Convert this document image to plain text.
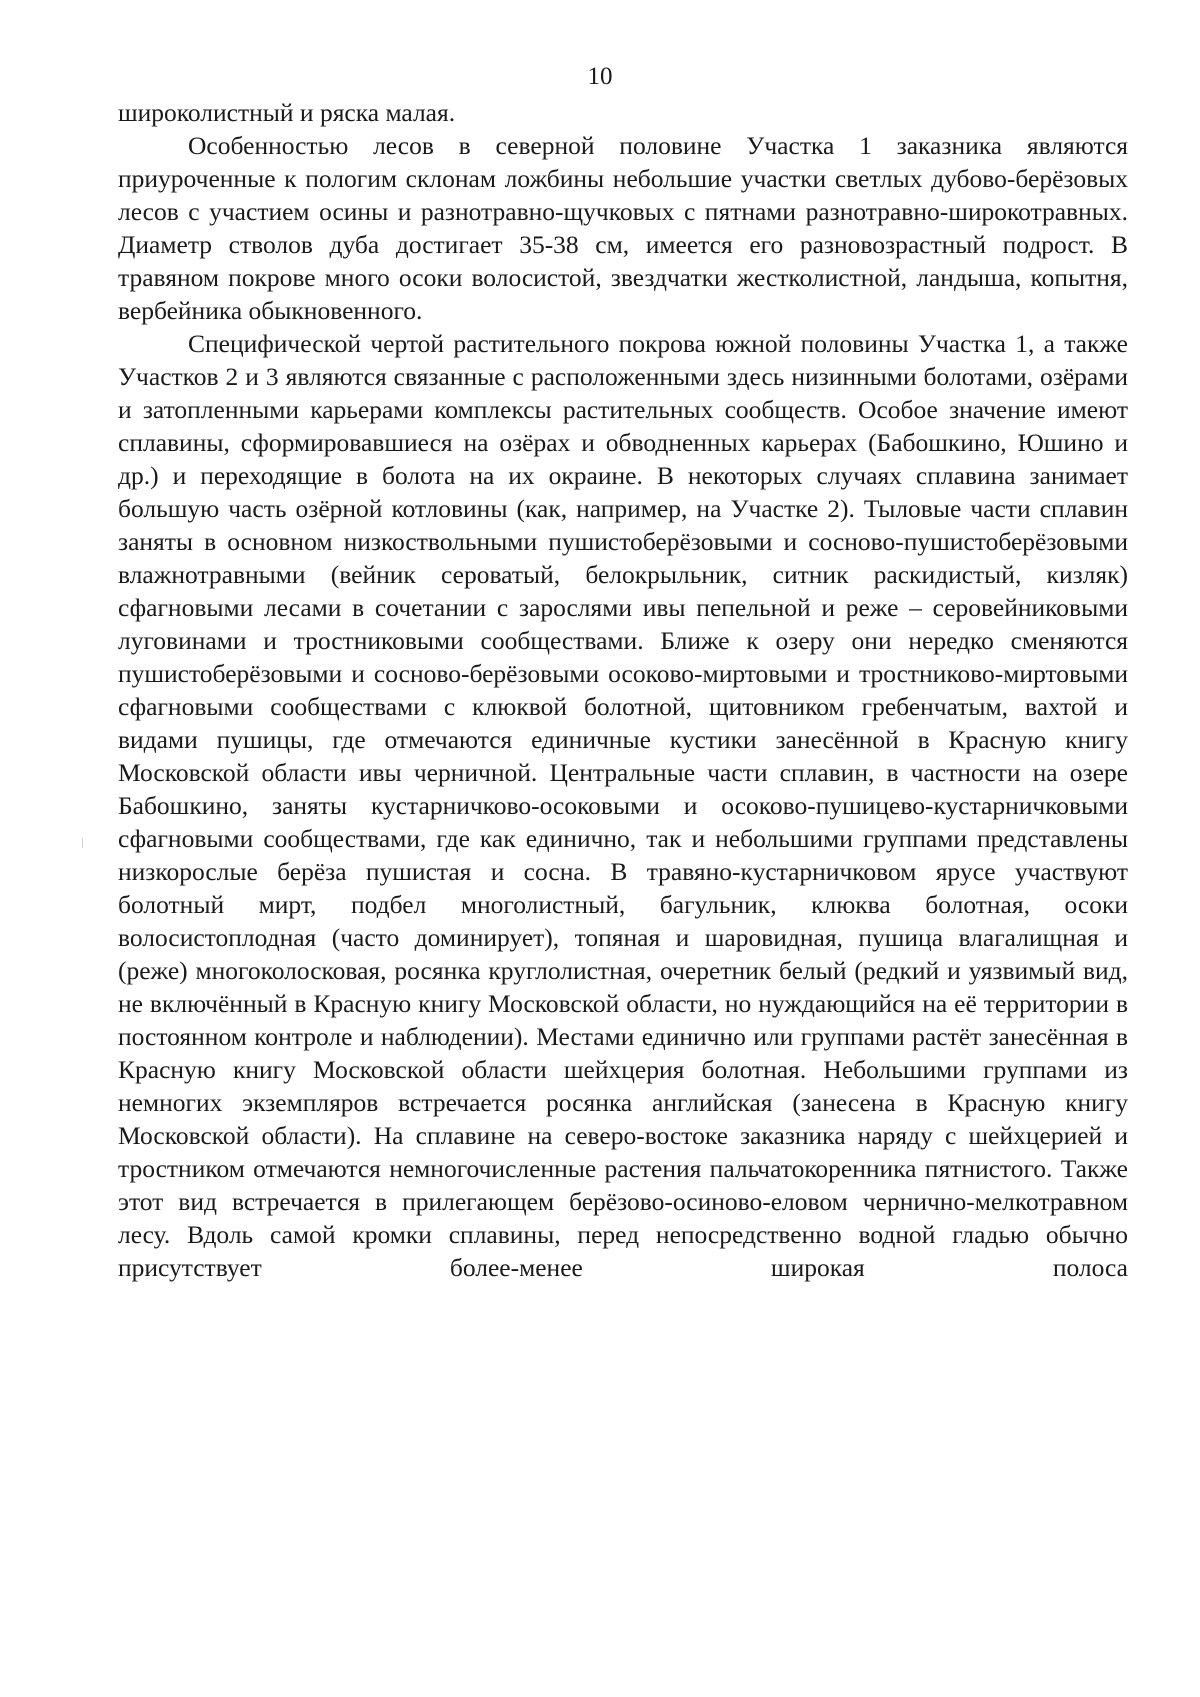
10

широколистный и ряска малая.

Особенностью лесов в северной половине Участка 1 заказника являются приуроченные к пологим склонам ложбины небольшие участки светлых дубово-берёзовых лесов с участием осины и разнотравно-щучковых с пятнами разнотравно-широкотравных. Диаметр стволов дуба достигает 35-38 см, имеется его разновозрастный подрост. В травяном покрове много осоки волосистой, звездчатки жестколистной, ландыша, копытня, вербейника обыкновенного.

Специфической чертой растительного покрова южной половины Участка 1, а также Участков 2 и 3 являются связанные с расположенными здесь низинными болотами, озёрами и затопленными карьерами комплексы растительных сообществ. Особое значение имеют сплавины, сформировавшиеся на озёрах и обводненных карьерах (Бабошкино, Юшино и др.) и переходящие в болота на их окраине. В некоторых случаях сплавина занимает большую часть озёрной котловины (как, например, на Участке 2). Тыловые части сплавин заняты в основном низкоствольными пушистоберёзовыми и сосново-пушистоберёзовыми влажнотравными (вейник сероватый, белокрыльник, ситник раскидистый, кизляк) сфагновыми лесами в сочетании с зарослями ивы пепельной и реже – серовейниковыми луговинами и тростниковыми сообществами. Ближе к озеру они нередко сменяются пушистоберёзовыми и сосново-берёзовыми осоково-миртовыми и тростниково-миртовыми сфагновыми сообществами с клюквой болотной, щитовником гребенчатым, вахтой и видами пушицы, где отмечаются единичные кустики занесённой в Красную книгу Московской области ивы черничной. Центральные части сплавин, в частности на озере Бабошкино, заняты кустарничково-осоковыми и осоково-пушицево-кустарничковыми сфагновыми сообществами, где как единично, так и небольшими группами представлены низкорослые берёза пушистая и сосна. В травяно-кустарничковом ярусе участвуют болотный мирт, подбел многолистный, багульник, клюква болотная, осоки волосистоплодная (часто доминирует), топяная и шаровидная, пушица влагалищная и (реже) многоколосковая, росянка круглолистная, очеретник белый (редкий и уязвимый вид, не включённый в Красную книгу Московской области, но нуждающийся на её территории в постоянном контроле и наблюдении). Местами единично или группами растёт занесённая в Красную книгу Московской области шейхцерия болотная. Небольшими группами из немногих экземпляров встречается росянка английская (занесена в Красную книгу Московской области). На сплавине на северо-востоке заказника наряду с шейхцерией и тростником отмечаются немногочисленные растения пальчатокоренника пятнистого. Также этот вид встречается в прилегающем берёзово-осиново-еловом чернично-мелкотравном лесу. Вдоль самой кромки сплавины, перед непосредственно водной гладью обычно присутствует более-менее широкая полоса
